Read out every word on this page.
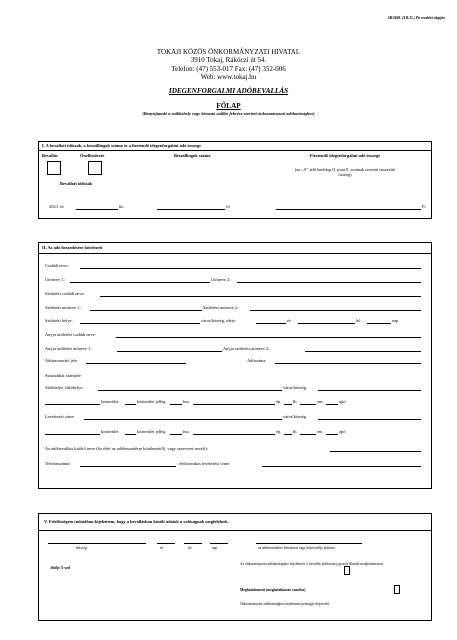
SB/2668. (XII.31.) Pü rendelet alapján
TOKAJI KÖZÖS ÖNKORMÁNYZATI HIVATAL
3910 Tokaj, Rákóczi út 54.
Telefon: (47) 553-017 Fax: (47) 352-006
Web: www.tokaj.hu
IDEGENFORGALMI ADÓBEVALLÁS
FŐLAP
(Benyújtandó a szálláshely vagy bérautó szállás fekvése szerinti önkormányzati adóhatósághoz)
I. A bevallott időszak, a beszállingok száma és a fizetendő idegenforgalmi adó összege
Bevallás	Önellenőrzés
Bevallott időszak
2023. év	hó
Beszállingok száma
fő
Fizetendő idegenforgalmi adó összege
(az „A” jelű betétlap II. pont 8. sorának szerinti összesítő összeg)
Ft
II. Az adó beszedésére kötelezett
Családi neve:
Utóneve 1.:	Utóneve 2.:
Születési családi neve:
Születési utóneve 1.:	Születési utóneve 2.:
Születési helye:	város/község, ideje:	év	hó	nap
Anyja születési családi neve:
Anyja születési utóneve 1.:	Anyja születési utóneve 2.:
Adóazonosító jele:	Adószáma
Statisztikai számjele
Székhelye, lakóhelye:	város/község
közterület	közterület jelleg	hsz.	ép.	lh.	em.	ajtó
Levelezési címe:	város/község
közterület	közterület jelleg	hsz.	ép.	lh.	em.	ajtó
Az adóbevallást kitöltő neve (ha eltér az adóbeszedésre kötelezettől), vagy szervezet neve(i):
Telefonszáma:	, elektronikus levelezési címe:
V. Felelősségem tudatában kijelentem, hogy a bevallásban közölt adatok a valóságnak megfelelnek.
helység	év	hó	nap	az adóbeszedésre kötelezett vagy képviselője aláírása
Jelölje X-szel
Az önkormányzati adóhatósághoz bejelentett, a bevallás aláírására jogosult állandó meghatalmazott
Meghatalmazott (meghatalmazás csatolva)
Önkormányzati adóhatósághoz bejelentett pénzügyi képviselő
